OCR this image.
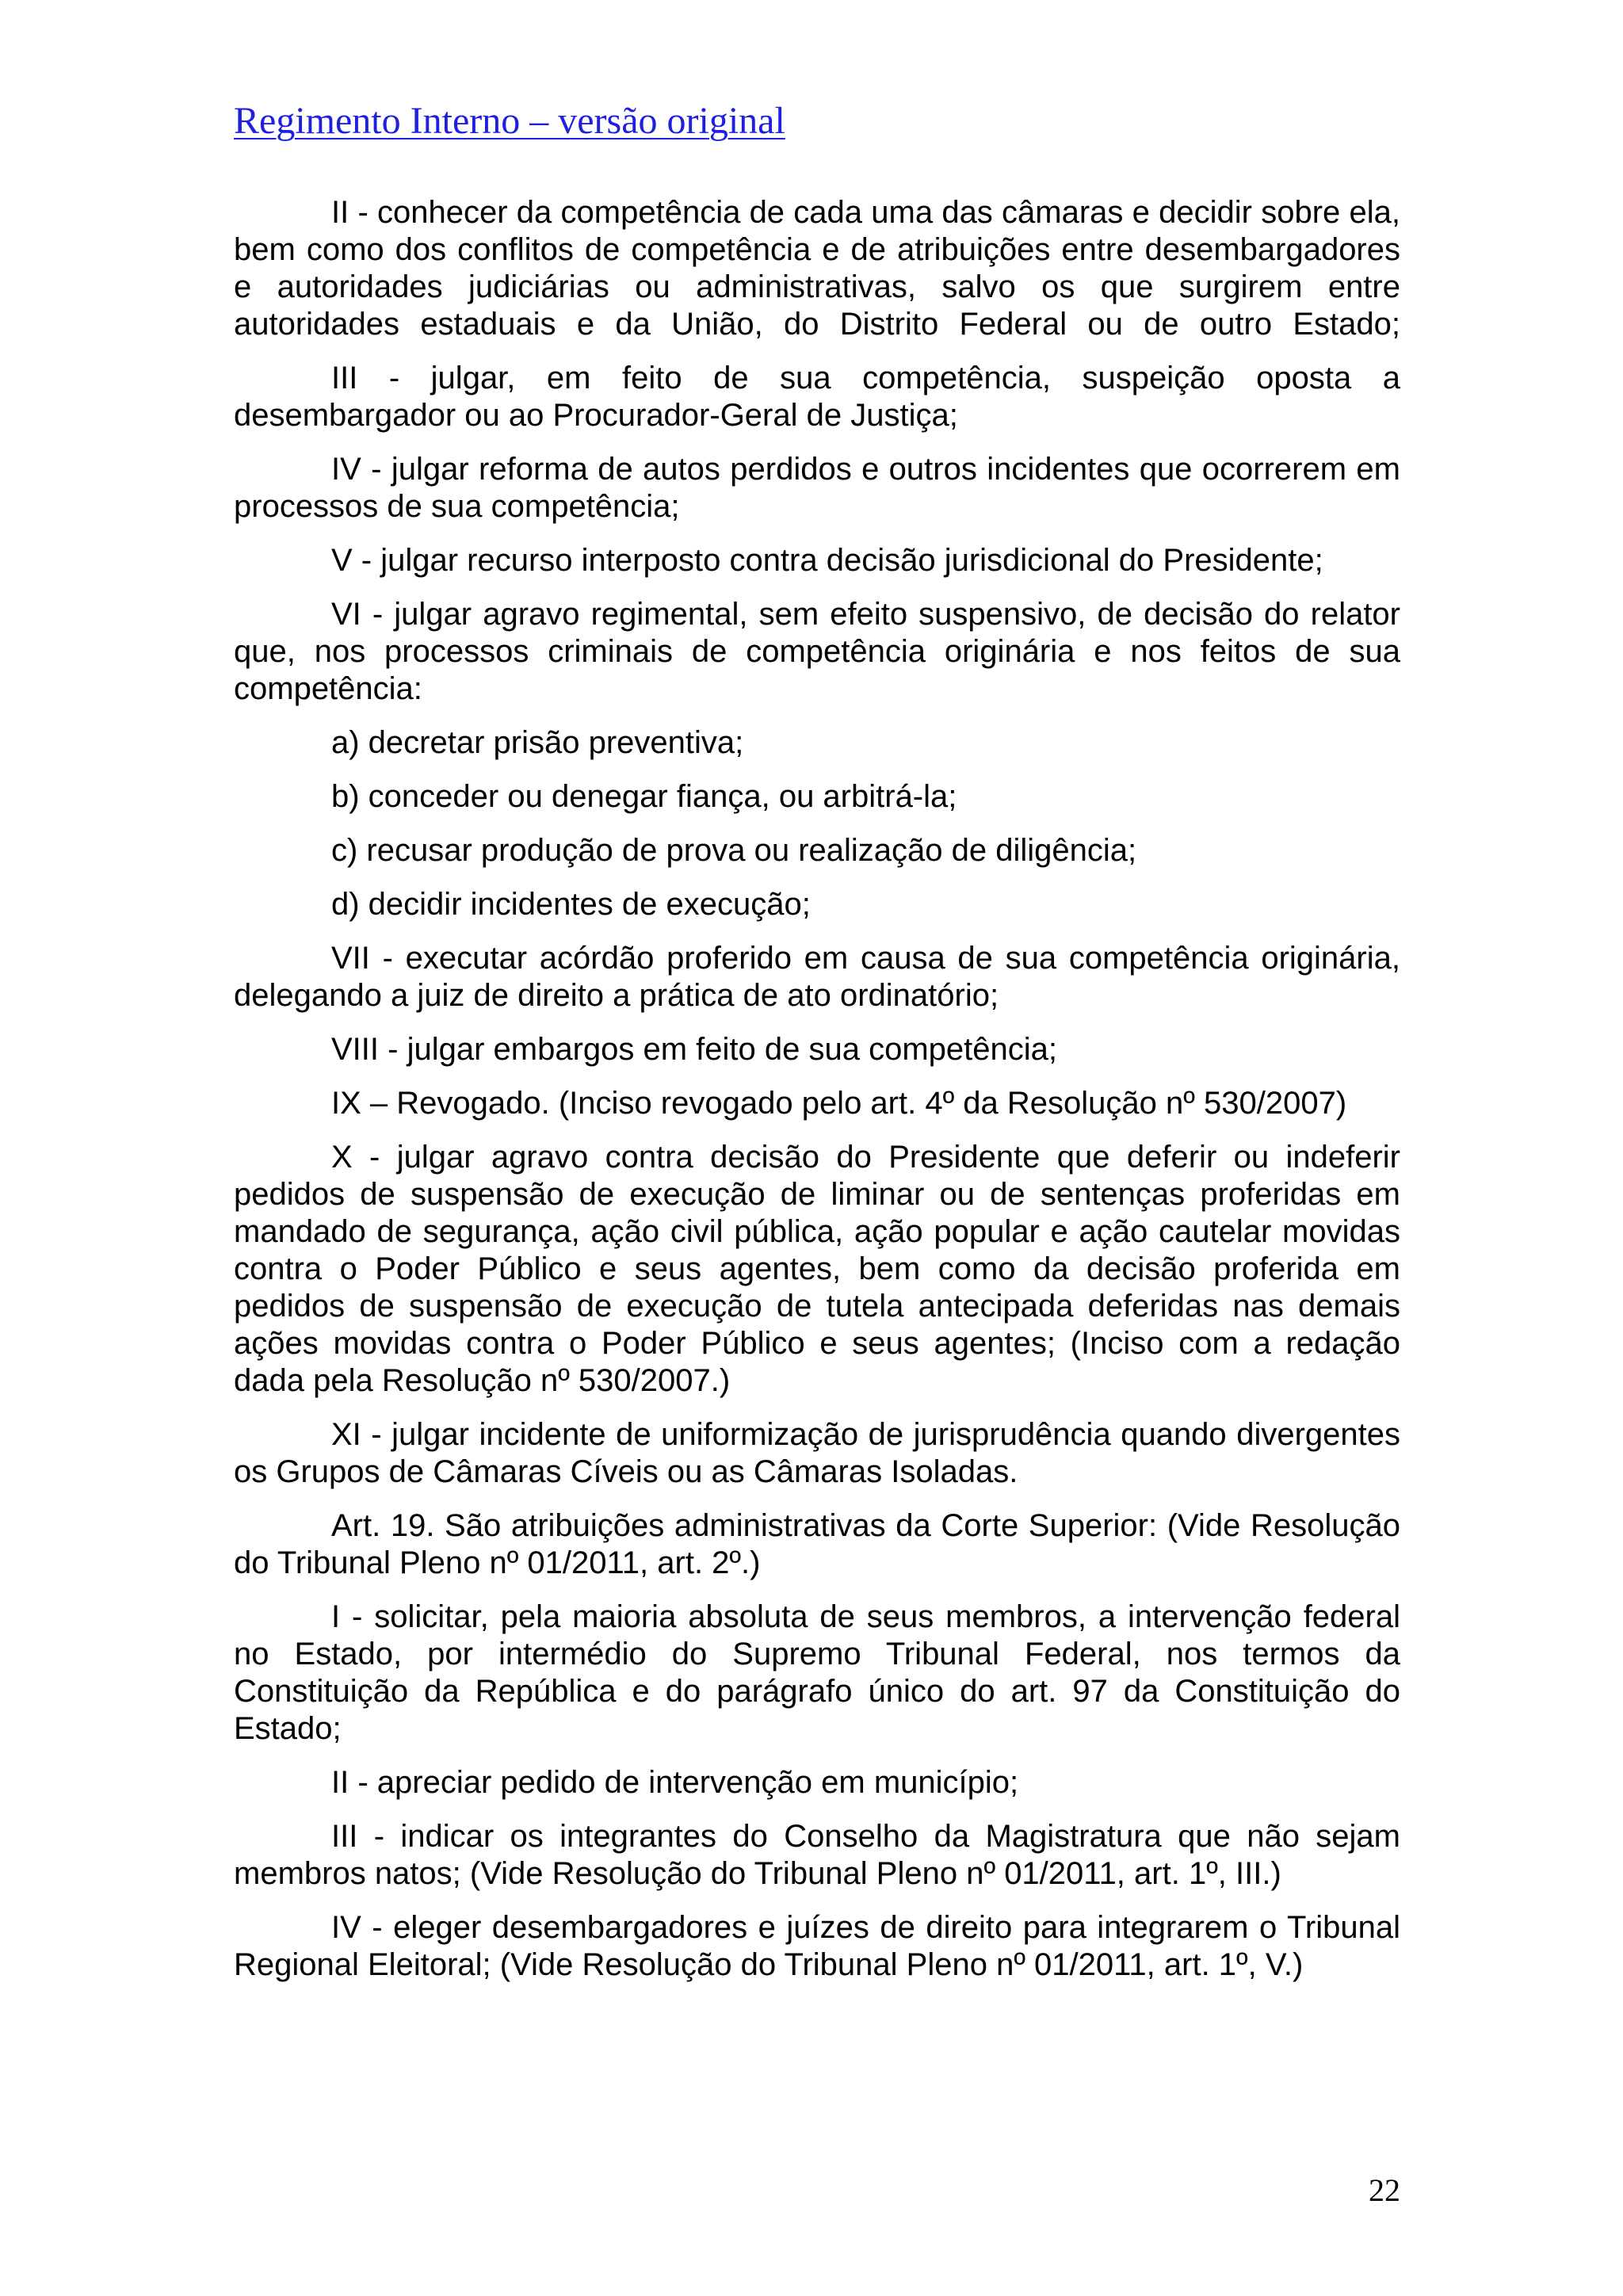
Regimento Interno – versão original

II - conhecer da competência de cada uma das câmaras e decidir sobre ela, bem como dos conflitos de competência e de atribuições entre desembargadores e autoridades judiciárias ou administrativas, salvo os que surgirem entre autoridades estaduais e da União, do Distrito Federal ou de outro Estado;

III - julgar, em feito de sua competência, suspeição oposta a desembargador ou ao Procurador-Geral de Justiça;

IV - julgar reforma de autos perdidos e outros incidentes que ocorrerem em processos de sua competência;

V - julgar recurso interposto contra decisão jurisdicional do Presidente;

VI - julgar agravo regimental, sem efeito suspensivo, de decisão do relator que, nos processos criminais de competência originária e nos feitos de sua competência:

a) decretar prisão preventiva;

b) conceder ou denegar fiança, ou arbitrá-la;

c) recusar produção de prova ou realização de diligência;

d) decidir incidentes de execução;

VII - executar acórdão proferido em causa de sua competência originária, delegando a juiz de direito a prática de ato ordinatório;

VIII - julgar embargos em feito de sua competência;

IX – Revogado. (Inciso revogado pelo art. 4º da Resolução nº 530/2007)

X - julgar agravo contra decisão do Presidente que deferir ou indeferir pedidos de suspensão de execução de liminar ou de sentenças proferidas em mandado de segurança, ação civil pública, ação popular e ação cautelar movidas contra o Poder Público e seus agentes, bem como da decisão proferida em pedidos de suspensão de execução de tutela antecipada deferidas nas demais ações movidas contra o Poder Público e seus agentes; (Inciso com a redação dada pela Resolução nº 530/2007.)

XI - julgar incidente de uniformização de jurisprudência quando divergentes os Grupos de Câmaras Cíveis ou as Câmaras Isoladas.

Art. 19. São atribuições administrativas da Corte Superior: (Vide Resolução do Tribunal Pleno nº 01/2011, art. 2º.)

I - solicitar, pela maioria absoluta de seus membros, a intervenção federal no Estado, por intermédio do Supremo Tribunal Federal, nos termos da Constituição da República e do parágrafo único do art. 97 da Constituição do Estado;

II - apreciar pedido de intervenção em município;

III - indicar os integrantes do Conselho da Magistratura que não sejam membros natos; (Vide Resolução do Tribunal Pleno nº 01/2011, art. 1º, III.)

IV - eleger desembargadores e juízes de direito para integrarem o Tribunal Regional Eleitoral; (Vide Resolução do Tribunal Pleno nº 01/2011, art. 1º, V.)

22
